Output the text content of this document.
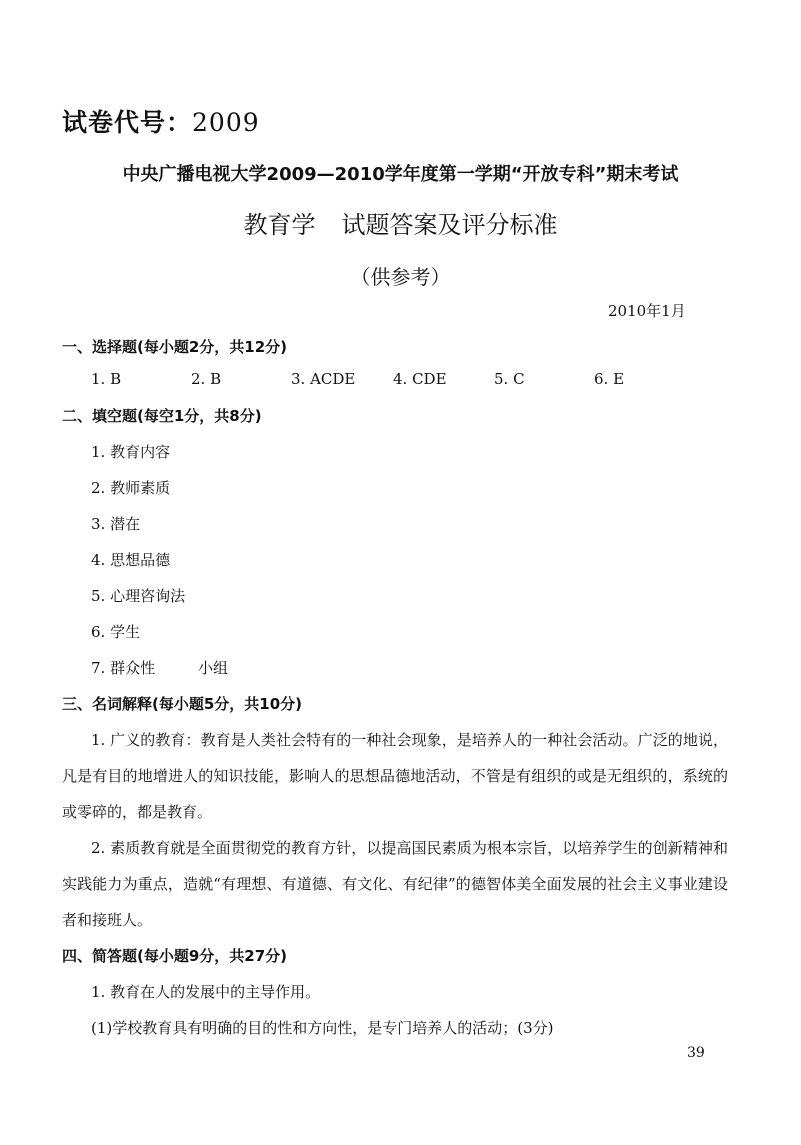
试卷代号：2009
中央广播电视大学2009—2010学年度第一学期“开放专科”期末考试
教育学 试题答案及评分标准
（供参考）
2010年1月
一、选择题(每小题2分，共12分)
1. B	2. B	3. ACDE	4. CDE	5. C	6. E
二、填空题(每空1分，共8分)
1. 教育内容
2. 教师素质
3. 潜在
4. 思想品德
5. 心理咨询法
6. 学生
7. 群众性	小组
三、名词解释(每小题5分，共10分)
1. 广义的教育：教育是人类社会特有的一种社会现象，是培养人的一种社会活动。广泛的地说，凡是有目的地增进人的知识技能，影响人的思想品德地活动，不管是有组织的或是无组织的，系统的或零碎的，都是教育。
2. 素质教育就是全面贯彻党的教育方针，以提高国民素质为根本宗旨，以培养学生的创新精神和实践能力为重点，造就“有理想、有道德、有文化、有纪律”的德智体美全面发展的社会主义事业建设者和接班人。
四、简答题(每小题9分，共27分)
1. 教育在人的发展中的主导作用。
(1)学校教育具有明确的目的性和方向性，是专门培养人的活动；(3分)
39
